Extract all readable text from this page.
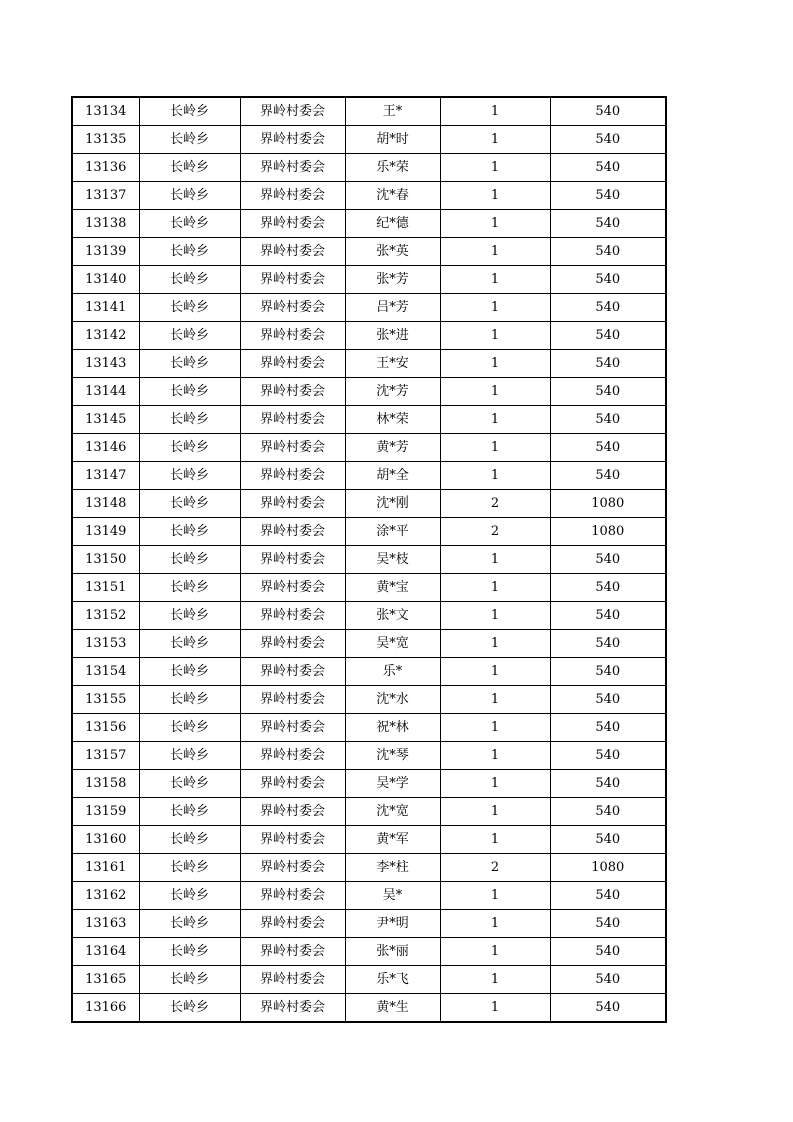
13134	长岭乡	界岭村委会	王*	1	540
13135	长岭乡	界岭村委会	胡*时	1	540
13136	长岭乡	界岭村委会	乐*荣	1	540
13137	长岭乡	界岭村委会	沈*春	1	540
13138	长岭乡	界岭村委会	纪*德	1	540
13139	长岭乡	界岭村委会	张*英	1	540
13140	长岭乡	界岭村委会	张*芳	1	540
13141	长岭乡	界岭村委会	吕*芳	1	540
13142	长岭乡	界岭村委会	张*进	1	540
13143	长岭乡	界岭村委会	王*安	1	540
13144	长岭乡	界岭村委会	沈*芳	1	540
13145	长岭乡	界岭村委会	林*荣	1	540
13146	长岭乡	界岭村委会	黄*芳	1	540
13147	长岭乡	界岭村委会	胡*全	1	540
13148	长岭乡	界岭村委会	沈*刚	2	1080
13149	长岭乡	界岭村委会	涂*平	2	1080
13150	长岭乡	界岭村委会	吴*枝	1	540
13151	长岭乡	界岭村委会	黄*宝	1	540
13152	长岭乡	界岭村委会	张*文	1	540
13153	长岭乡	界岭村委会	吴*宽	1	540
13154	长岭乡	界岭村委会	乐*	1	540
13155	长岭乡	界岭村委会	沈*水	1	540
13156	长岭乡	界岭村委会	祝*林	1	540
13157	长岭乡	界岭村委会	沈*琴	1	540
13158	长岭乡	界岭村委会	吴*学	1	540
13159	长岭乡	界岭村委会	沈*宽	1	540
13160	长岭乡	界岭村委会	黄*军	1	540
13161	长岭乡	界岭村委会	李*柱	2	1080
13162	长岭乡	界岭村委会	吴*	1	540
13163	长岭乡	界岭村委会	尹*明	1	540
13164	长岭乡	界岭村委会	张*丽	1	540
13165	长岭乡	界岭村委会	乐*飞	1	540
13166	长岭乡	界岭村委会	黄*生	1	540
